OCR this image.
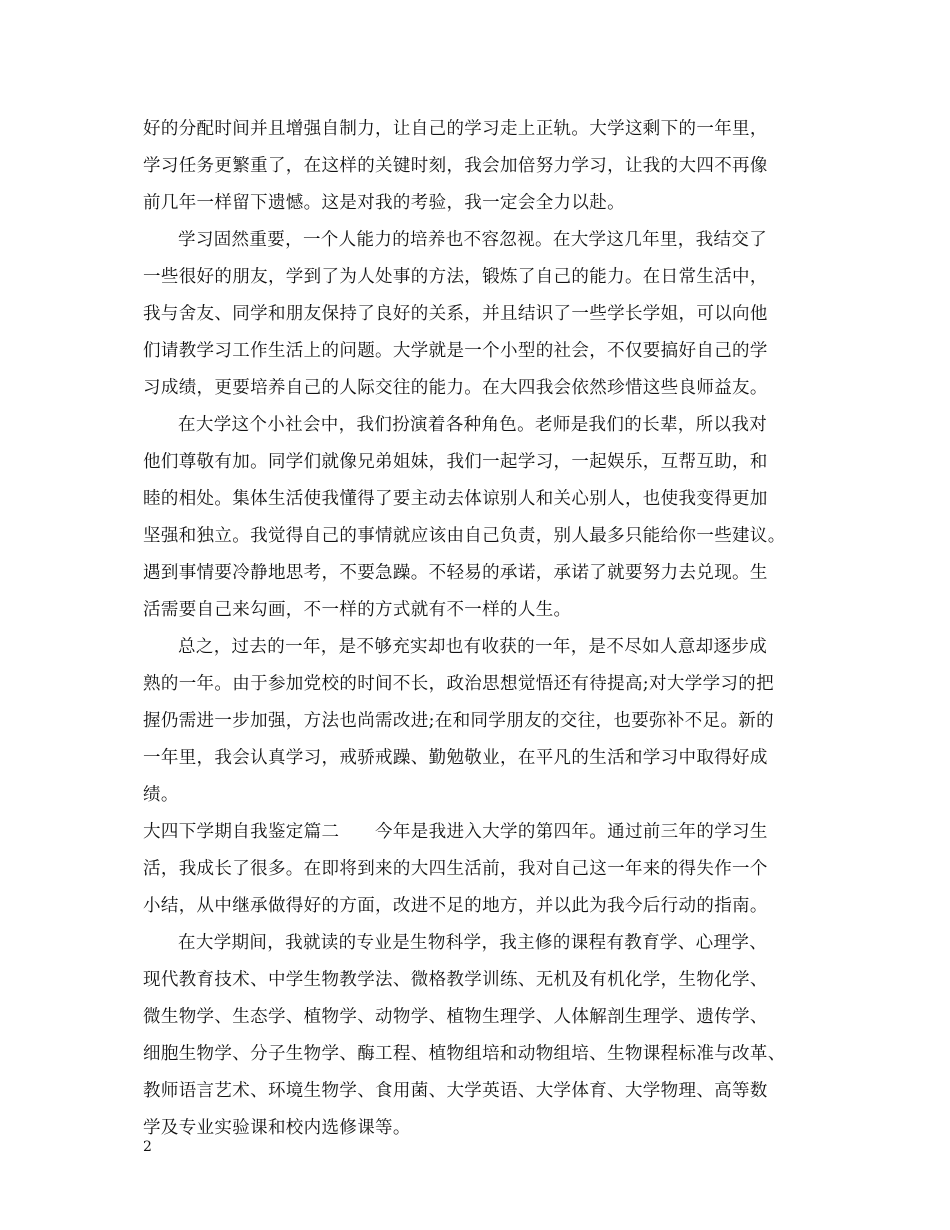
好的分配时间并且增强自制力，让自己的学习走上正轨。大学这剩下的一年里，
学习任务更繁重了，在这样的关键时刻，我会加倍努力学习，让我的大四不再像
前几年一样留下遗憾。这是对我的考验，我一定会全力以赴。
学习固然重要，一个人能力的培养也不容忽视。在大学这几年里，我结交了
一些很好的朋友，学到了为人处事的方法，锻炼了自己的能力。在日常生活中，
我与舍友、同学和朋友保持了良好的关系，并且结识了一些学长学姐，可以向他
们请教学习工作生活上的问题。大学就是一个小型的社会，不仅要搞好自己的学
习成绩，更要培养自己的人际交往的能力。在大四我会依然珍惜这些良师益友。
在大学这个小社会中，我们扮演着各种角色。老师是我们的长辈，所以我对
他们尊敬有加。同学们就像兄弟姐妹，我们一起学习，一起娱乐，互帮互助，和
睦的相处。集体生活使我懂得了要主动去体谅别人和关心别人，也使我变得更加
坚强和独立。我觉得自己的事情就应该由自己负责，别人最多只能给你一些建议。
遇到事情要冷静地思考，不要急躁。不轻易的承诺，承诺了就要努力去兑现。生
活需要自己来勾画，不一样的方式就有不一样的人生。
总之，过去的一年，是不够充实却也有收获的一年，是不尽如人意却逐步成
熟的一年。由于参加党校的时间不长，政治思想觉悟还有待提高;对大学学习的把
握仍需进一步加强，方法也尚需改进;在和同学朋友的交往，也要弥补不足。新的
一年里，我会认真学习，戒骄戒躁、勤勉敬业，在平凡的生活和学习中取得好成
绩。
大四下学期自我鉴定篇二　　今年是我进入大学的第四年。通过前三年的学习生
活，我成长了很多。在即将到来的大四生活前，我对自己这一年来的得失作一个
小结，从中继承做得好的方面，改进不足的地方，并以此为我今后行动的指南。
在大学期间，我就读的专业是生物科学，我主修的课程有教育学、心理学、
现代教育技术、中学生物教学法、微格教学训练、无机及有机化学，生物化学、
微生物学、生态学、植物学、动物学、植物生理学、人体解剖生理学、遗传学、
细胞生物学、分子生物学、酶工程、植物组培和动物组培、生物课程标准与改革、
教师语言艺术、环境生物学、食用菌、大学英语、大学体育、大学物理、高等数
学及专业实验课和校内选修课等。
2
